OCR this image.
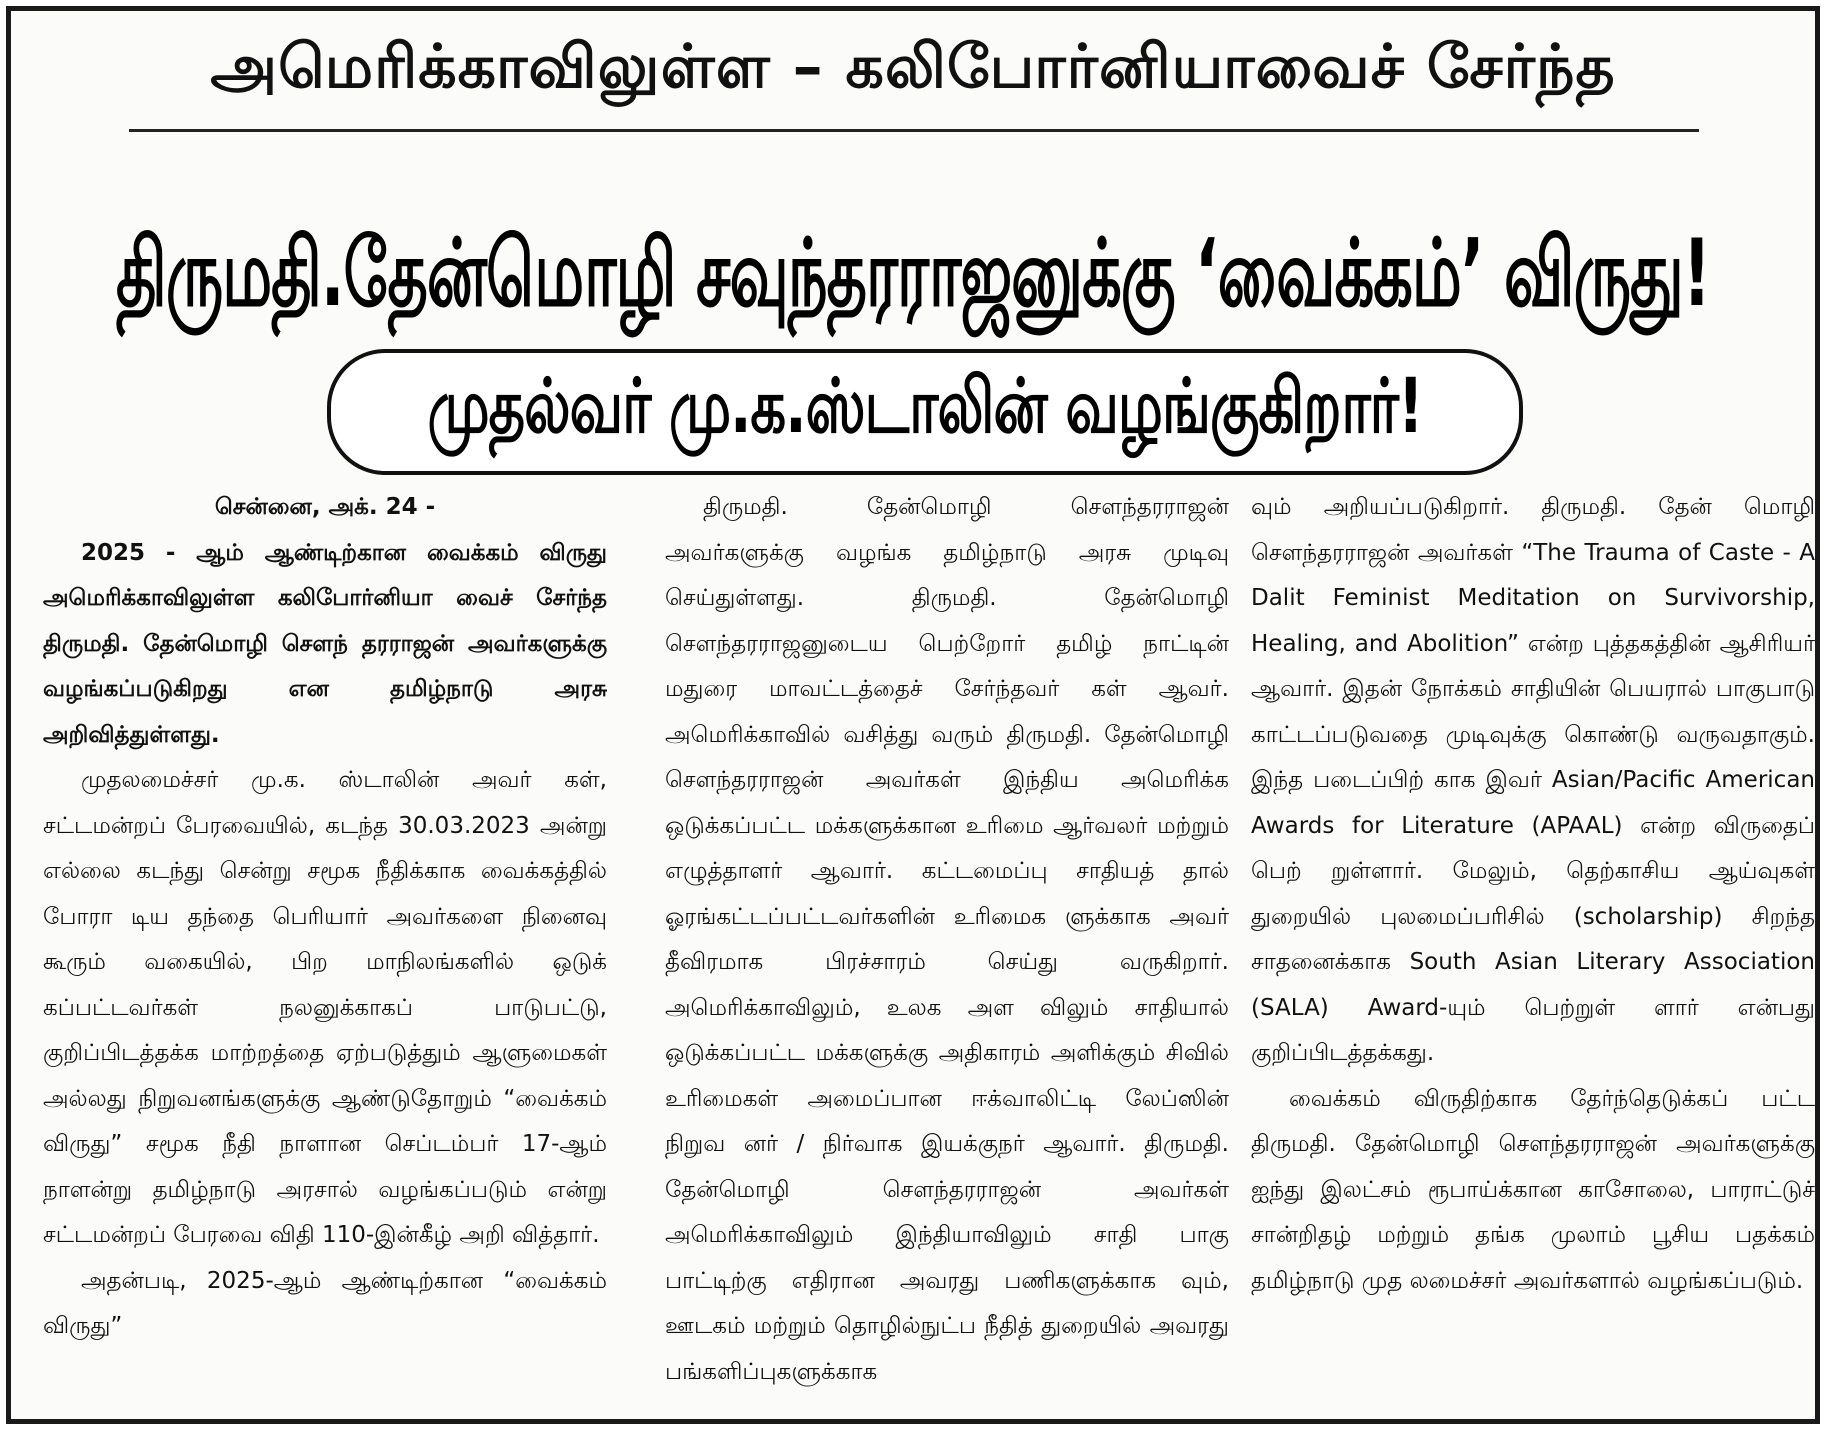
அமெரிக்காவிலுள்ள – கலிபோர்னியாவைச் சேர்ந்த
திருமதி.தேன்மொழி சவுந்தரராஜனுக்கு ‘வைக்கம்’ விருது!
முதல்வர் மு.க.ஸ்டாலின் வழங்குகிறார்!

சென்னை, அக். 24 -

2025 - ஆம் ஆண்டிற்கான வைக்கம் விருது அமெரிக்காவிலுள்ள கலிபோர்னியா வைச் சேர்ந்த திருமதி. தேன்மொழி சௌந் தரராஜன் அவர்களுக்கு வழங்கப்படுகிறது என தமிழ்நாடு அரசு அறிவித்துள்ளது.

முதலமைச்சர் மு.க. ஸ்டாலின் அவர் கள், சட்டமன்றப் பேரவையில், கடந்த 30.03.2023 அன்று எல்லை கடந்து சென்று சமூக நீதிக்காக வைக்கத்தில் போரா டிய தந்தை பெரியார் அவர்களை நினைவு கூரும் வகையில், பிற மாநிலங்களில் ஒடுக் கப்பட்டவர்கள் நலனுக்காகப் பாடுபட்டு, குறிப்பிடத்தக்க மாற்றத்தை ஏற்படுத்தும் ஆளுமைகள் அல்லது நிறுவனங்களுக்கு ஆண்டுதோறும் “வைக்கம் விருது” சமூக நீதி நாளான செப்டம்பர் 17-ஆம் நாளன்று தமிழ்நாடு அரசால் வழங்கப்படும் என்று சட்டமன்றப் பேரவை விதி 110-இன்கீழ் அறி வித்தார்.

அதன்படி, 2025-ஆம் ஆண்டிற்கான “வைக்கம் விருது”

திருமதி. தேன்மொழி சௌந்தரராஜன் அவர்களுக்கு வழங்க தமிழ்நாடு அரசு முடிவு செய்துள்ளது. திருமதி. தேன்மொழி சௌந்தரராஜனுடைய பெற்றோர் தமிழ் நாட்டின் மதுரை மாவட்டத்தைச் சேர்ந்தவர் கள் ஆவர். அமெரிக்காவில் வசித்து வரும் திருமதி. தேன்மொழி சௌந்தரராஜன் அவர்கள் இந்திய அமெரிக்க ஒடுக்கப்பட்ட மக்களுக்கான உரிமை ஆர்வலர் மற்றும் எழுத்தாளர் ஆவார். கட்டமைப்பு சாதியத் தால் ஓரங்கட்டப்பட்டவர்களின் உரிமைக ளுக்காக அவர் தீவிரமாக பிரச்சாரம் செய்து வருகிறார். அமெரிக்காவிலும், உலக அள விலும் சாதியால் ஒடுக்கப்பட்ட மக்களுக்கு அதிகாரம் அளிக்கும் சிவில் உரிமைகள் அமைப்பான ஈக்வாலிட்டி லேப்ஸின் நிறுவ னர் / நிர்வாக இயக்குநர் ஆவார். திருமதி. தேன்மொழி சௌந்தரராஜன் அவர்கள் அமெரிக்காவிலும் இந்தியாவிலும் சாதி பாகு பாட்டிற்கு எதிரான அவரது பணிகளுக்காக வும், ஊடகம் மற்றும் தொழில்நுட்ப நீதித் துறையில் அவரது பங்களிப்புகளுக்காக

வும் அறியப்படுகிறார். திருமதி. தேன் மொழி சௌந்தரராஜன் அவர்கள் “The Trauma of Caste - A Dalit Feminist Meditation on Survivorship, Healing, and Abolition” என்ற புத்தகத்தின் ஆசிரியர் ஆவார். இதன் நோக்கம் சாதியின் பெயரால் பாகுபாடு காட்டப்படுவதை முடிவுக்கு கொண்டு வருவதாகும். இந்த படைப்பிற் காக இவர் Asian/Pacific American Awards for Literature (APAAL) என்ற விருதைப் பெற் றுள்ளார். மேலும், தெற்காசிய ஆய்வுகள் துறையில் புலமைப்பரிசில் (scholarship) சிறந்த சாதனைக்காக South Asian Literary Association (SALA) Award-யும் பெற்றுள் ளார் என்பது குறிப்பிடத்தக்கது.

வைக்கம் விருதிற்காக தேர்ந்தெடுக்கப் பட்ட திருமதி. தேன்மொழி சௌந்தரராஜன் அவர்களுக்கு ஐந்து இலட்சம் ரூபாய்க்கான காசோலை, பாராட்டுச் சான்றிதழ் மற்றும் தங்க முலாம் பூசிய பதக்கம் தமிழ்நாடு முத லமைச்சர் அவர்களால் வழங்கப்படும்.
